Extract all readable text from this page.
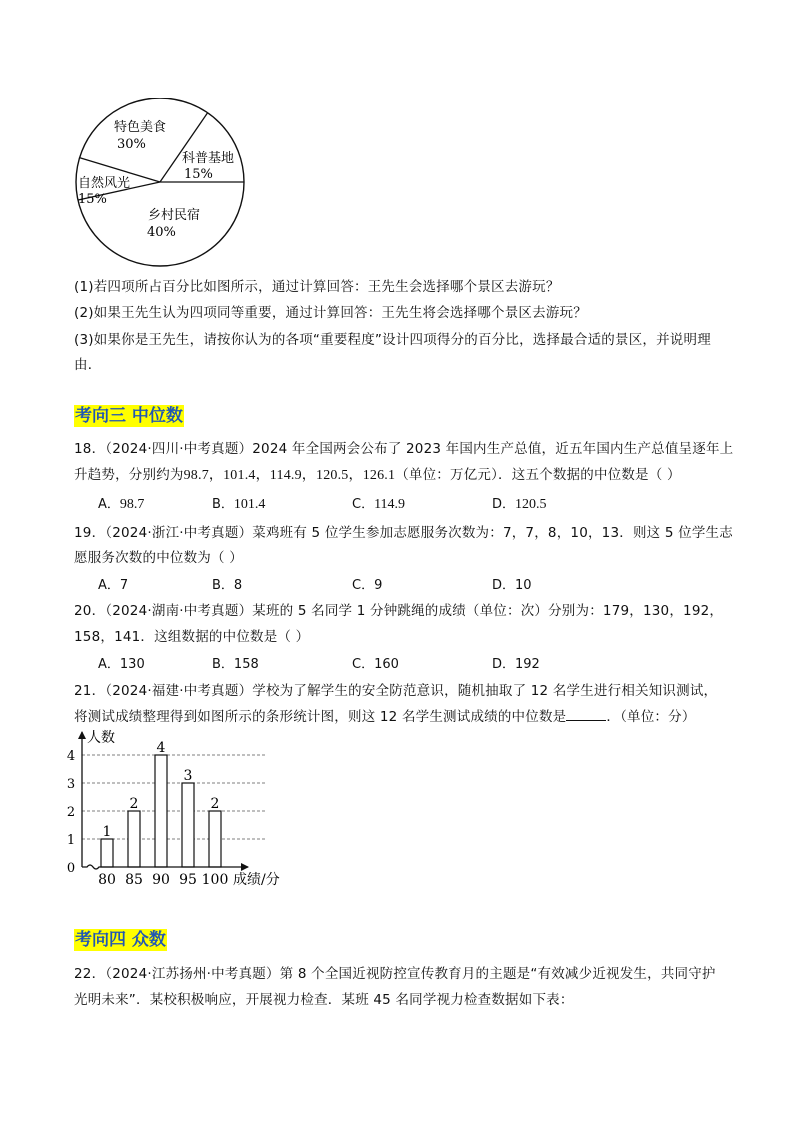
特色美食
30%
科普基地
15%
乡村民宿
40%
自然风光
15%
(1)若四项所占百分比如图所示，通过计算回答：王先生会选择哪个景区去游玩？
(2)如果王先生认为四项同等重要，通过计算回答：王先生将会选择哪个景区去游玩？
(3)如果你是王先生，请按你认为的各项“重要程度”设计四项得分的百分比，选择最合适的景区，并说明理
由．
考向三 中位数
18．（2024·四川·中考真题）2024 年全国两会公布了 2023 年国内生产总值，近五年国内生产总值呈逐年上
升趋势，分别约为98.7，101.4，114.9，120.5，126.1（单位：万亿元）．这五个数据的中位数是（ ）
A．98.7	B．101.4	C．114.9	D．120.5
19．（2024·浙江·中考真题）菜鸡班有 5 位学生参加志愿服务次数为：7，7，8，10，13．则这 5 位学生志
愿服务次数的中位数为（ ）
A．7	B．8	C．9	D．10
20．（2024·湖南·中考真题）某班的 5 名同学 1 分钟跳绳的成绩（单位：次）分别为：179，130，192，
158，141．这组数据的中位数是（ ）
A．130	B．158	C．160	D．192
21．（2024·福建·中考真题）学校为了解学生的安全防范意识，随机抽取了 12 名学生进行相关知识测试，
将测试成绩整理得到如图所示的条形统计图，则这 12 名学生测试成绩的中位数是	．（单位：分）
人数
成绩/分
0
1
2
3
4
1
80
2
85
4
90
3
95
2
100
考向四 众数
22．（2024·江苏扬州·中考真题）第 8 个全国近视防控宣传教育月的主题是“有效减少近视发生，共同守护
光明未来”．某校积极响应，开展视力检查．某班 45 名同学视力检查数据如下表：
